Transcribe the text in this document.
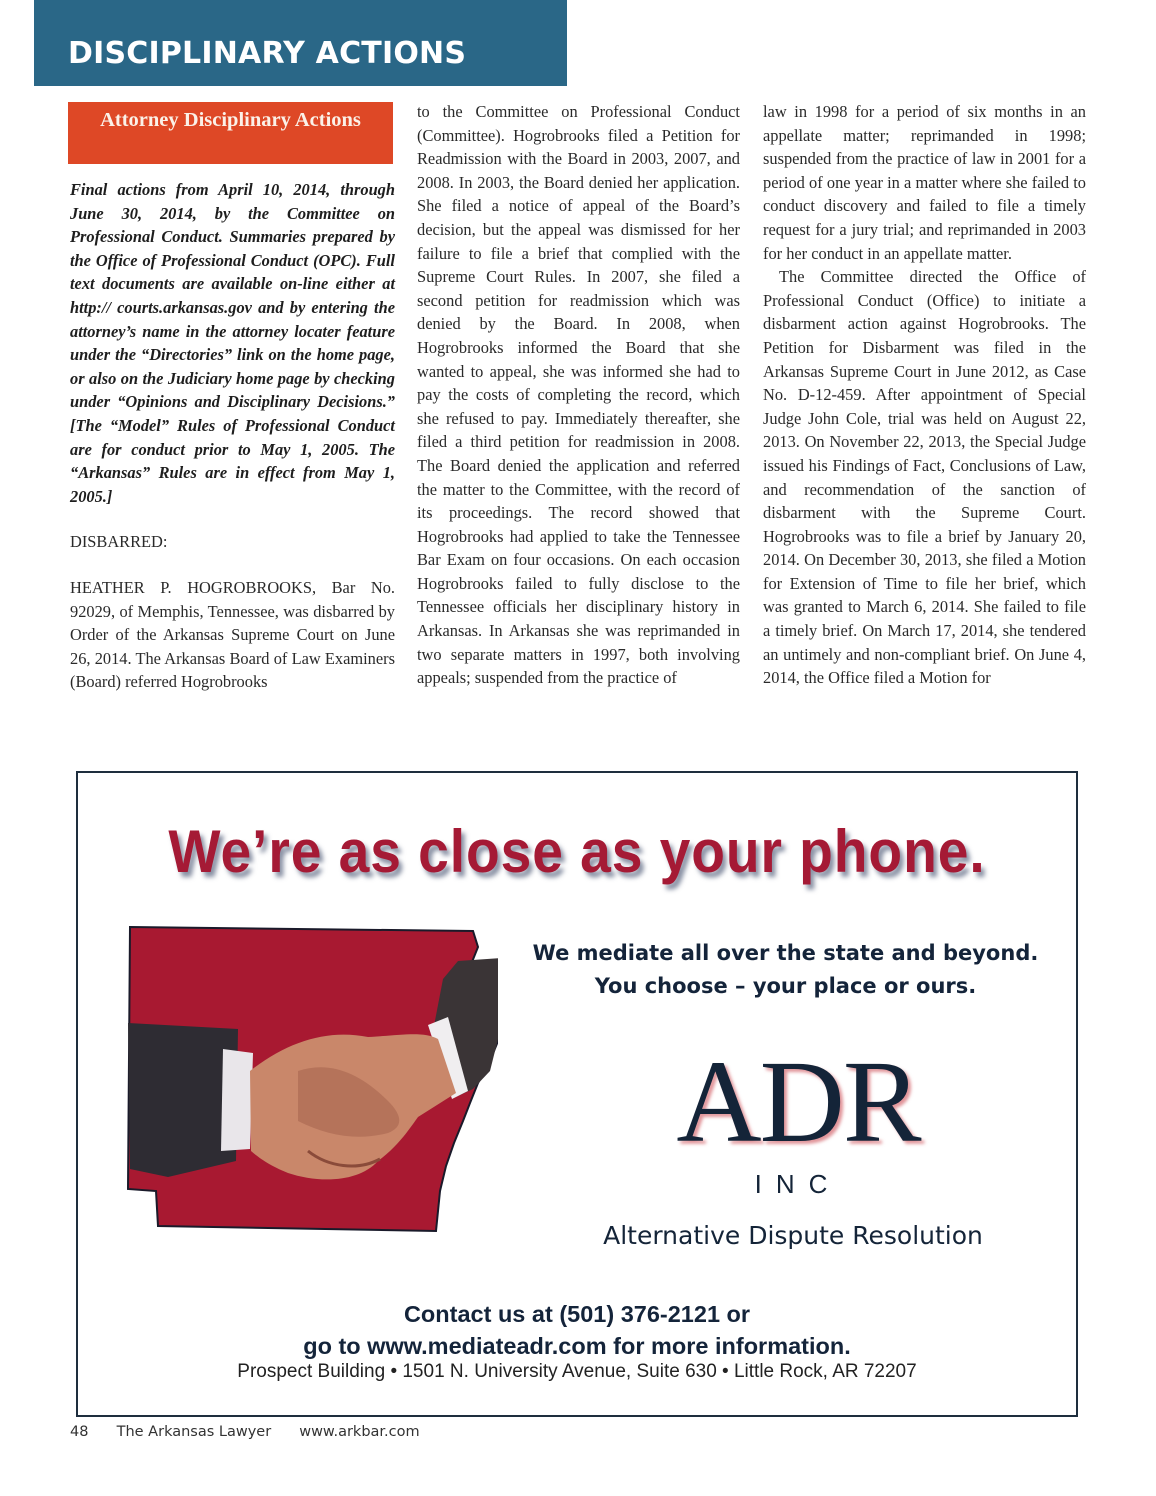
DISCIPLINARY ACTIONS
Attorney Disciplinary Actions

Final actions from April 10, 2014, through June 30, 2014, by the Committee on Professional Conduct. Summaries prepared by the Office of Professional Conduct (OPC). Full text documents are available on-line either at http:// courts.arkansas.gov and by entering the attorney’s name in the attorney locater feature under the “Directories” link on the home page, or also on the Judiciary home page by checking under “Opinions and Disciplinary Decisions.” [The “Model” Rules of Professional Conduct are for conduct prior to May 1, 2005. The “Arkansas” Rules are in effect from May 1, 2005.]

DISBARRED:

HEATHER P. HOGROBROOKS, Bar No. 92029, of Memphis, Tennessee, was disbarred by Order of the Arkansas Supreme Court on June 26, 2014. The Arkansas Board of Law Examiners (Board) referred Hogrobrooks

to the Committee on Professional Conduct (Committee). Hogrobrooks filed a Petition for Readmission with the Board in 2003, 2007, and 2008. In 2003, the Board denied her application. She filed a notice of appeal of the Board’s decision, but the appeal was dismissed for her failure to file a brief that complied with the Supreme Court Rules. In 2007, she filed a second petition for readmission which was denied by the Board. In 2008, when Hogrobrooks informed the Board that she wanted to appeal, she was informed she had to pay the costs of completing the record, which she refused to pay. Immediately thereafter, she filed a third petition for readmission in 2008. The Board denied the application and referred the matter to the Committee, with the record of its proceedings. The record showed that Hogrobrooks had applied to take the Tennessee Bar Exam on four occasions. On each occasion Hogrobrooks failed to fully disclose to the Tennessee officials her disciplinary history in Arkansas. In Arkansas she was reprimanded in two separate matters in 1997, both involving appeals; suspended from the practice of

law in 1998 for a period of six months in an appellate matter; reprimanded in 1998; suspended from the practice of law in 2001 for a period of one year in a matter where she failed to conduct discovery and failed to file a timely request for a jury trial; and reprimanded in 2003 for her conduct in an appellate matter.

The Committee directed the Office of Professional Conduct (Office) to initiate a disbarment action against Hogrobrooks. The Petition for Disbarment was filed in the Arkansas Supreme Court in June 2012, as Case No. D-12-459. After appointment of Special Judge John Cole, trial was held on August 22, 2013. On November 22, 2013, the Special Judge issued his Findings of Fact, Conclusions of Law, and recommendation of the sanction of disbarment with the Supreme Court. Hogrobrooks was to file a brief by January 20, 2014. On December 30, 2013, she filed a Motion for Extension of Time to file her brief, which was granted to March 6, 2014. She failed to file a timely brief. On March 17, 2014, she tendered an untimely and non-compliant brief. On June 4, 2014, the Office filed a Motion for

We’re as close as your phone.
We mediate all over the state and beyond.
You choose – your place or ours.
ADR
INC
Alternative Dispute Resolution
Contact us at (501) 376-2121 or
go to www.mediateadr.com for more information.
Prospect Building • 1501 N. University Avenue, Suite 630 • Little Rock, AR 72207
48 The Arkansas Lawyer www.arkbar.com
